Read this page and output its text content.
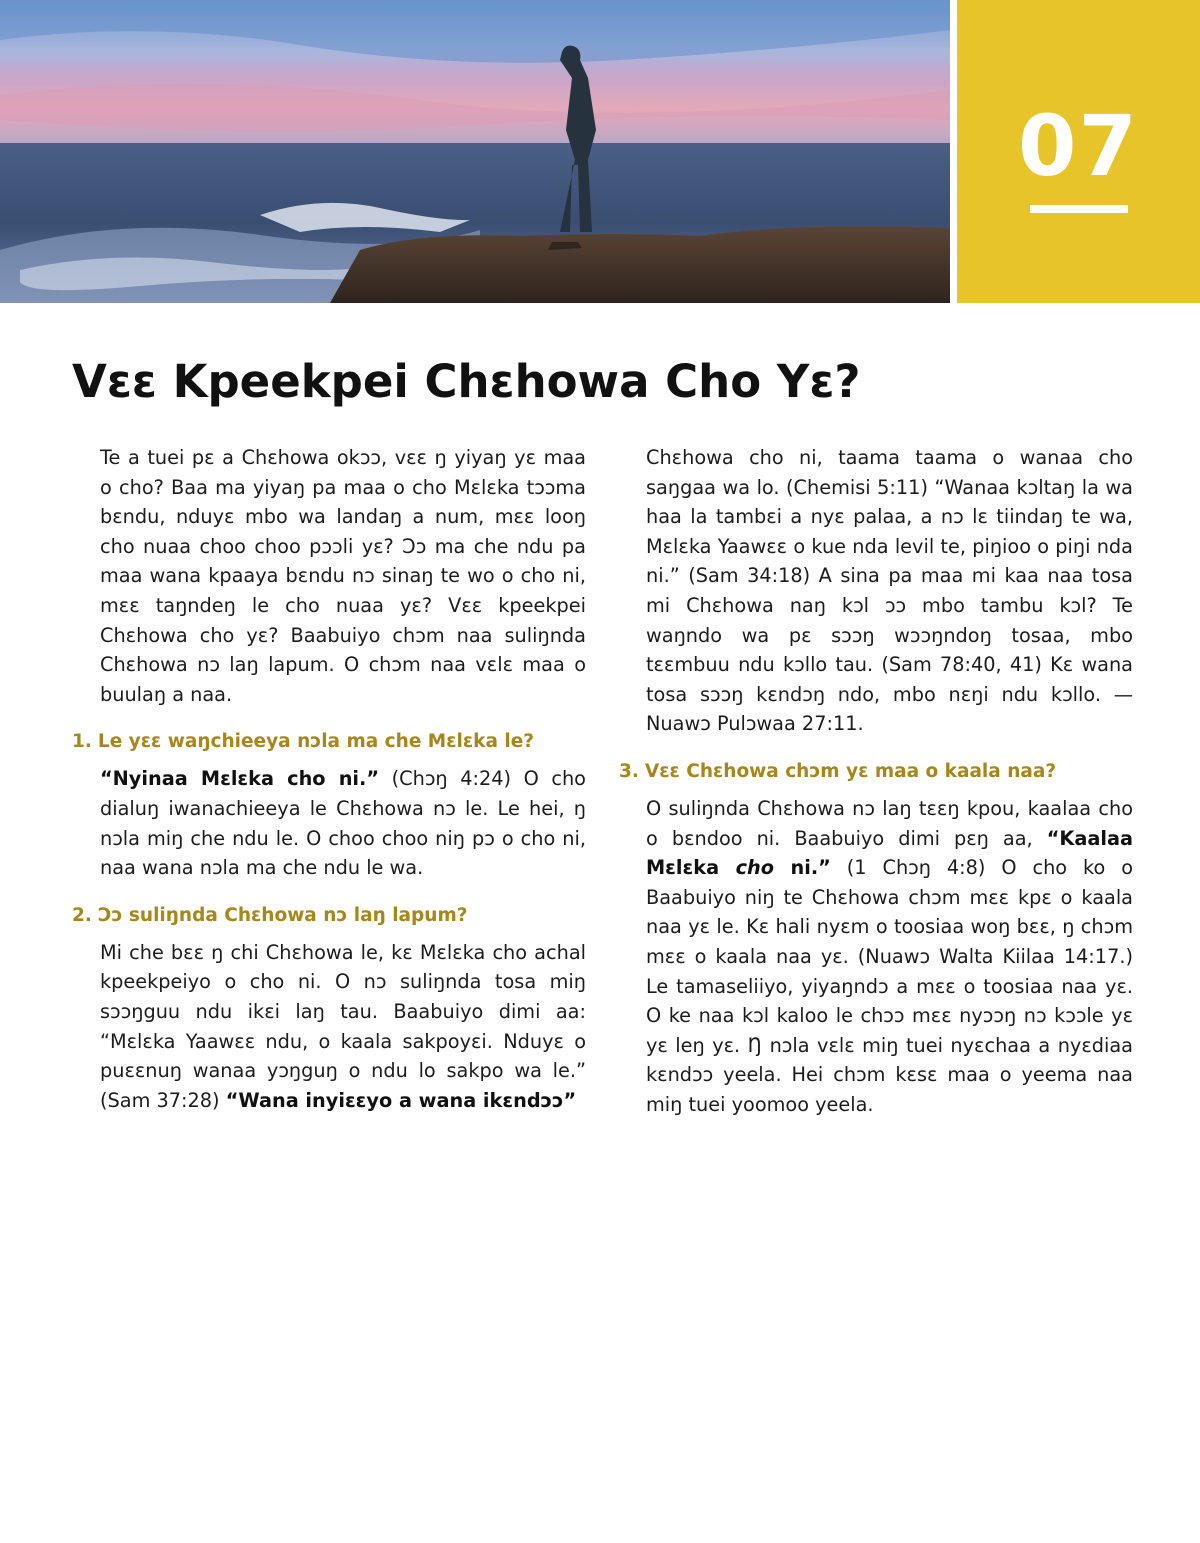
07
Vɛɛ Kpeekpei Chɛhowa Cho Yɛ?

Te a tuei pɛ a Chɛhowa okɔɔ, vɛɛ ŋ yiyaŋ yɛ maa o cho? Baa ma yiyaŋ pa maa o cho Mɛlɛka tɔɔma bɛndu, nduyɛ mbo wa landaŋ a num, mɛɛ looŋ cho nuaa choo choo pɔɔli yɛ? Ɔɔ ma che ndu pa maa wana kpaaya bɛndu nɔ sinaŋ te wo o cho ni, mɛɛ taŋndeŋ le cho nuaa yɛ? Vɛɛ kpeekpei Chɛhowa cho yɛ? Baabuiyo chɔm naa suliŋnda Chɛhowa nɔ laŋ lapum. O chɔm naa vɛlɛ maa o buulaŋ a naa.

1. Le yɛɛ waŋchieeya nɔla ma che Mɛlɛka le?

“Nyinaa Mɛlɛka cho ni.” (Chɔŋ 4:24) O cho dialuŋ iwanachieeya le Chɛhowa nɔ le. Le hei, ŋ nɔla miŋ che ndu le. O choo choo niŋ pɔ o cho ni, naa wana nɔla ma che ndu le wa.

2. Ɔɔ suliŋnda Chɛhowa nɔ laŋ lapum?

Mi che bɛɛ ŋ chi Chɛhowa le, kɛ Mɛlɛka cho achal kpeekpeiyo o cho ni. O nɔ suliŋnda tosa miŋ sɔɔŋguu ndu ikɛi laŋ tau. Baabuiyo dimi aa: “Mɛlɛka Yaawɛɛ ndu, o kaala sakpoyɛi. Nduyɛ o puɛɛnuŋ wanaa yɔŋguŋ o ndu lo sakpo wa le.” (Sam 37:28) “Wana inyiɛɛyo a wana ikɛndɔɔ”

Chɛhowa cho ni, taama taama o wanaa cho saŋgaa wa lo. (Chemisi 5:11) “Wanaa kɔltaŋ la wa haa la tambɛi a nyɛ palaa, a nɔ lɛ tiindaŋ te wa, Mɛlɛka Yaawɛɛ o kue nda levil te, piŋioo o piŋi nda ni.” (Sam 34:18) A sina pa maa mi kaa naa tosa mi Chɛhowa naŋ kɔl ɔɔ mbo tambu kɔl? Te waŋndo wa pɛ sɔɔŋ wɔɔŋndoŋ tosaa, mbo tɛɛmbuu ndu kɔllo tau. (Sam 78:40, 41) Kɛ wana tosa sɔɔŋ kɛndɔŋ ndo, mbo nɛŋi ndu kɔllo. —Nuawɔ Pulɔwaa 27:11.

3. Vɛɛ Chɛhowa chɔm yɛ maa o kaala naa?

O suliŋnda Chɛhowa nɔ laŋ tɛɛŋ kpou, kaalaa cho o bɛndoo ni. Baabuiyo dimi pɛŋ aa, “Kaalaa Mɛlɛka cho ni.” (1 Chɔŋ 4:8) O cho ko o Baabuiyo niŋ te Chɛhowa chɔm mɛɛ kpɛ o kaala naa yɛ le. Kɛ hali nyɛm o toosiaa woŋ bɛɛ, ŋ chɔm mɛɛ o kaala naa yɛ. (Nuawɔ Walta Kiilaa 14:17.) Le tamaseliiyo, yiyaŋndɔ a mɛɛ o toosiaa naa yɛ. O ke naa kɔl kaloo le chɔɔ mɛɛ nyɔɔŋ nɔ kɔɔle yɛ yɛ leŋ yɛ. Ŋ nɔla vɛlɛ miŋ tuei nyɛchaa a nyɛdiaa kɛndɔɔ yeela. Hei chɔm kɛsɛ maa o yeema naa miŋ tuei yoomoo yeela.
